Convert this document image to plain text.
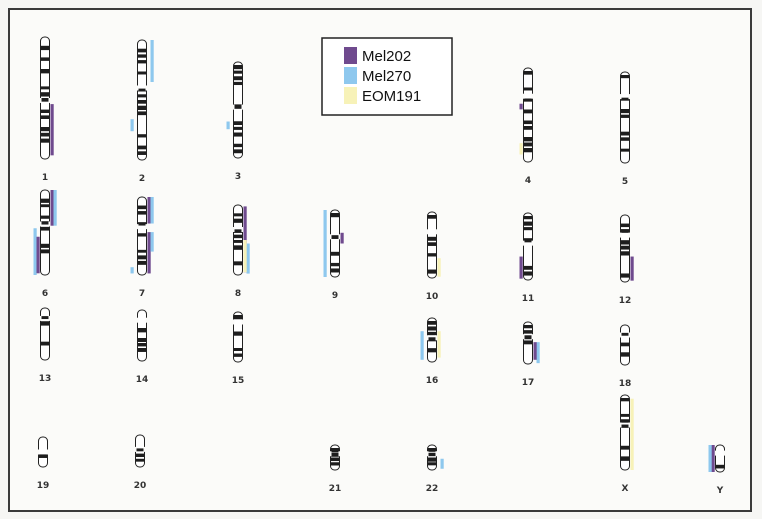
1	2	3	4	5
6	7	8	9	10	11	12
13	14	15	16	17	18
19	20	21	22	X	Y
Mel202
Mel270
EOM191
